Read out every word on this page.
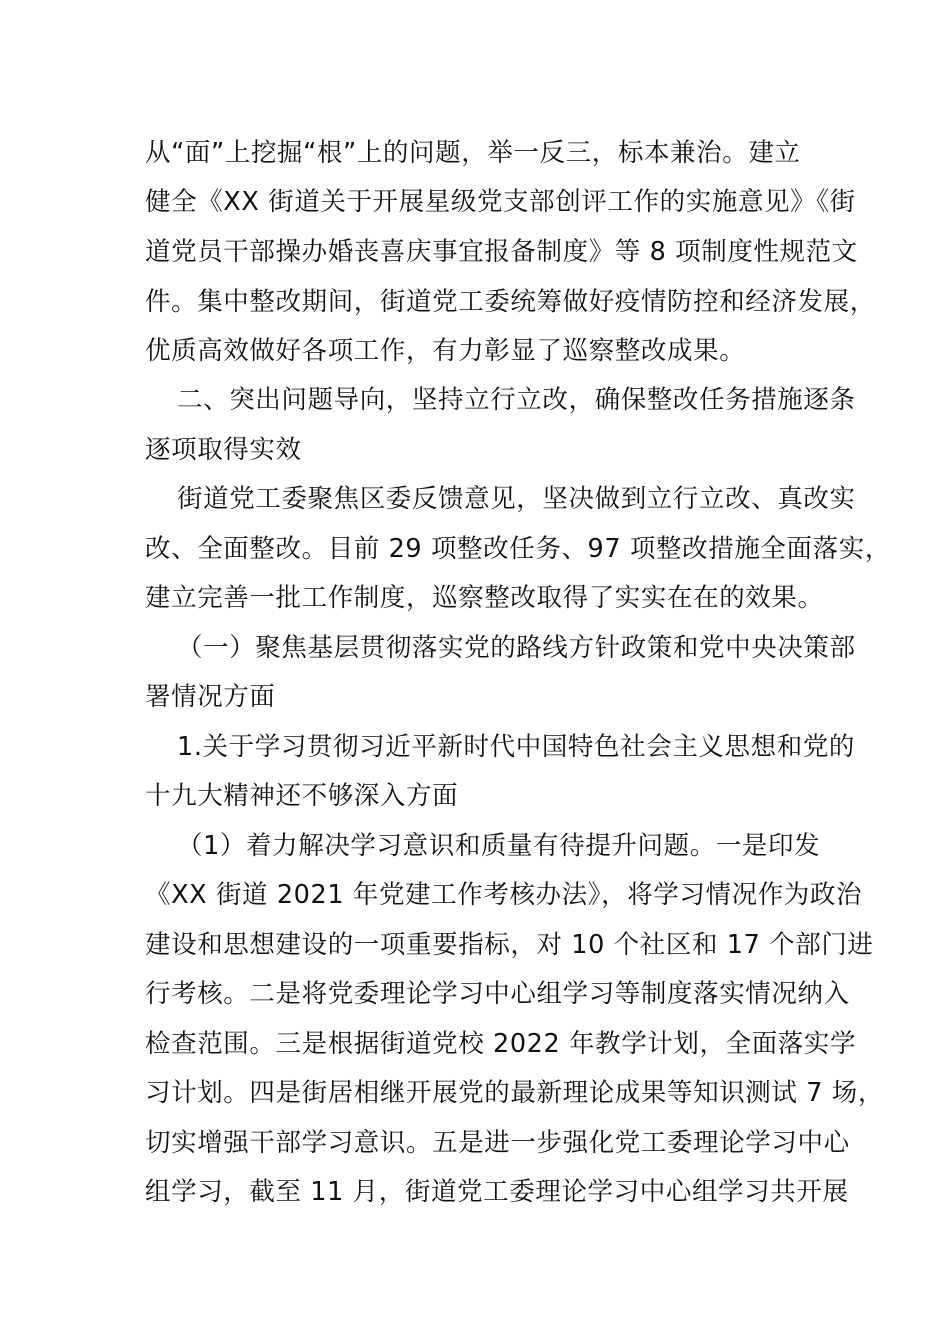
从“面”上挖掘“根”上的问题，举一反三，标本兼治。建立
健全《XX 街道关于开展星级党支部创评工作的实施意见》《街
道党员干部操办婚丧喜庆事宜报备制度》等 8 项制度性规范文
件。集中整改期间，街道党工委统筹做好疫情防控和经济发展，
优质高效做好各项工作，有力彰显了巡察整改成果。
二、突出问题导向，坚持立行立改，确保整改任务措施逐条
逐项取得实效
街道党工委聚焦区委反馈意见，坚决做到立行立改、真改实
改、全面整改。目前 29 项整改任务、97 项整改措施全面落实，
建立完善一批工作制度，巡察整改取得了实实在在的效果。
（一）聚焦基层贯彻落实党的路线方针政策和党中央决策部
署情况方面
1.关于学习贯彻习近平新时代中国特色社会主义思想和党的
十九大精神还不够深入方面
（1）着力解决学习意识和质量有待提升问题。一是印发
《XX 街道 2021 年党建工作考核办法》，将学习情况作为政治
建设和思想建设的一项重要指标，对 10 个社区和 17 个部门进
行考核。二是将党委理论学习中心组学习等制度落实情况纳入
检查范围。三是根据街道党校 2022 年教学计划，全面落实学
习计划。四是街居相继开展党的最新理论成果等知识测试 7 场，
切实增强干部学习意识。五是进一步强化党工委理论学习中心
组学习，截至 11 月，街道党工委理论学习中心组学习共开展
